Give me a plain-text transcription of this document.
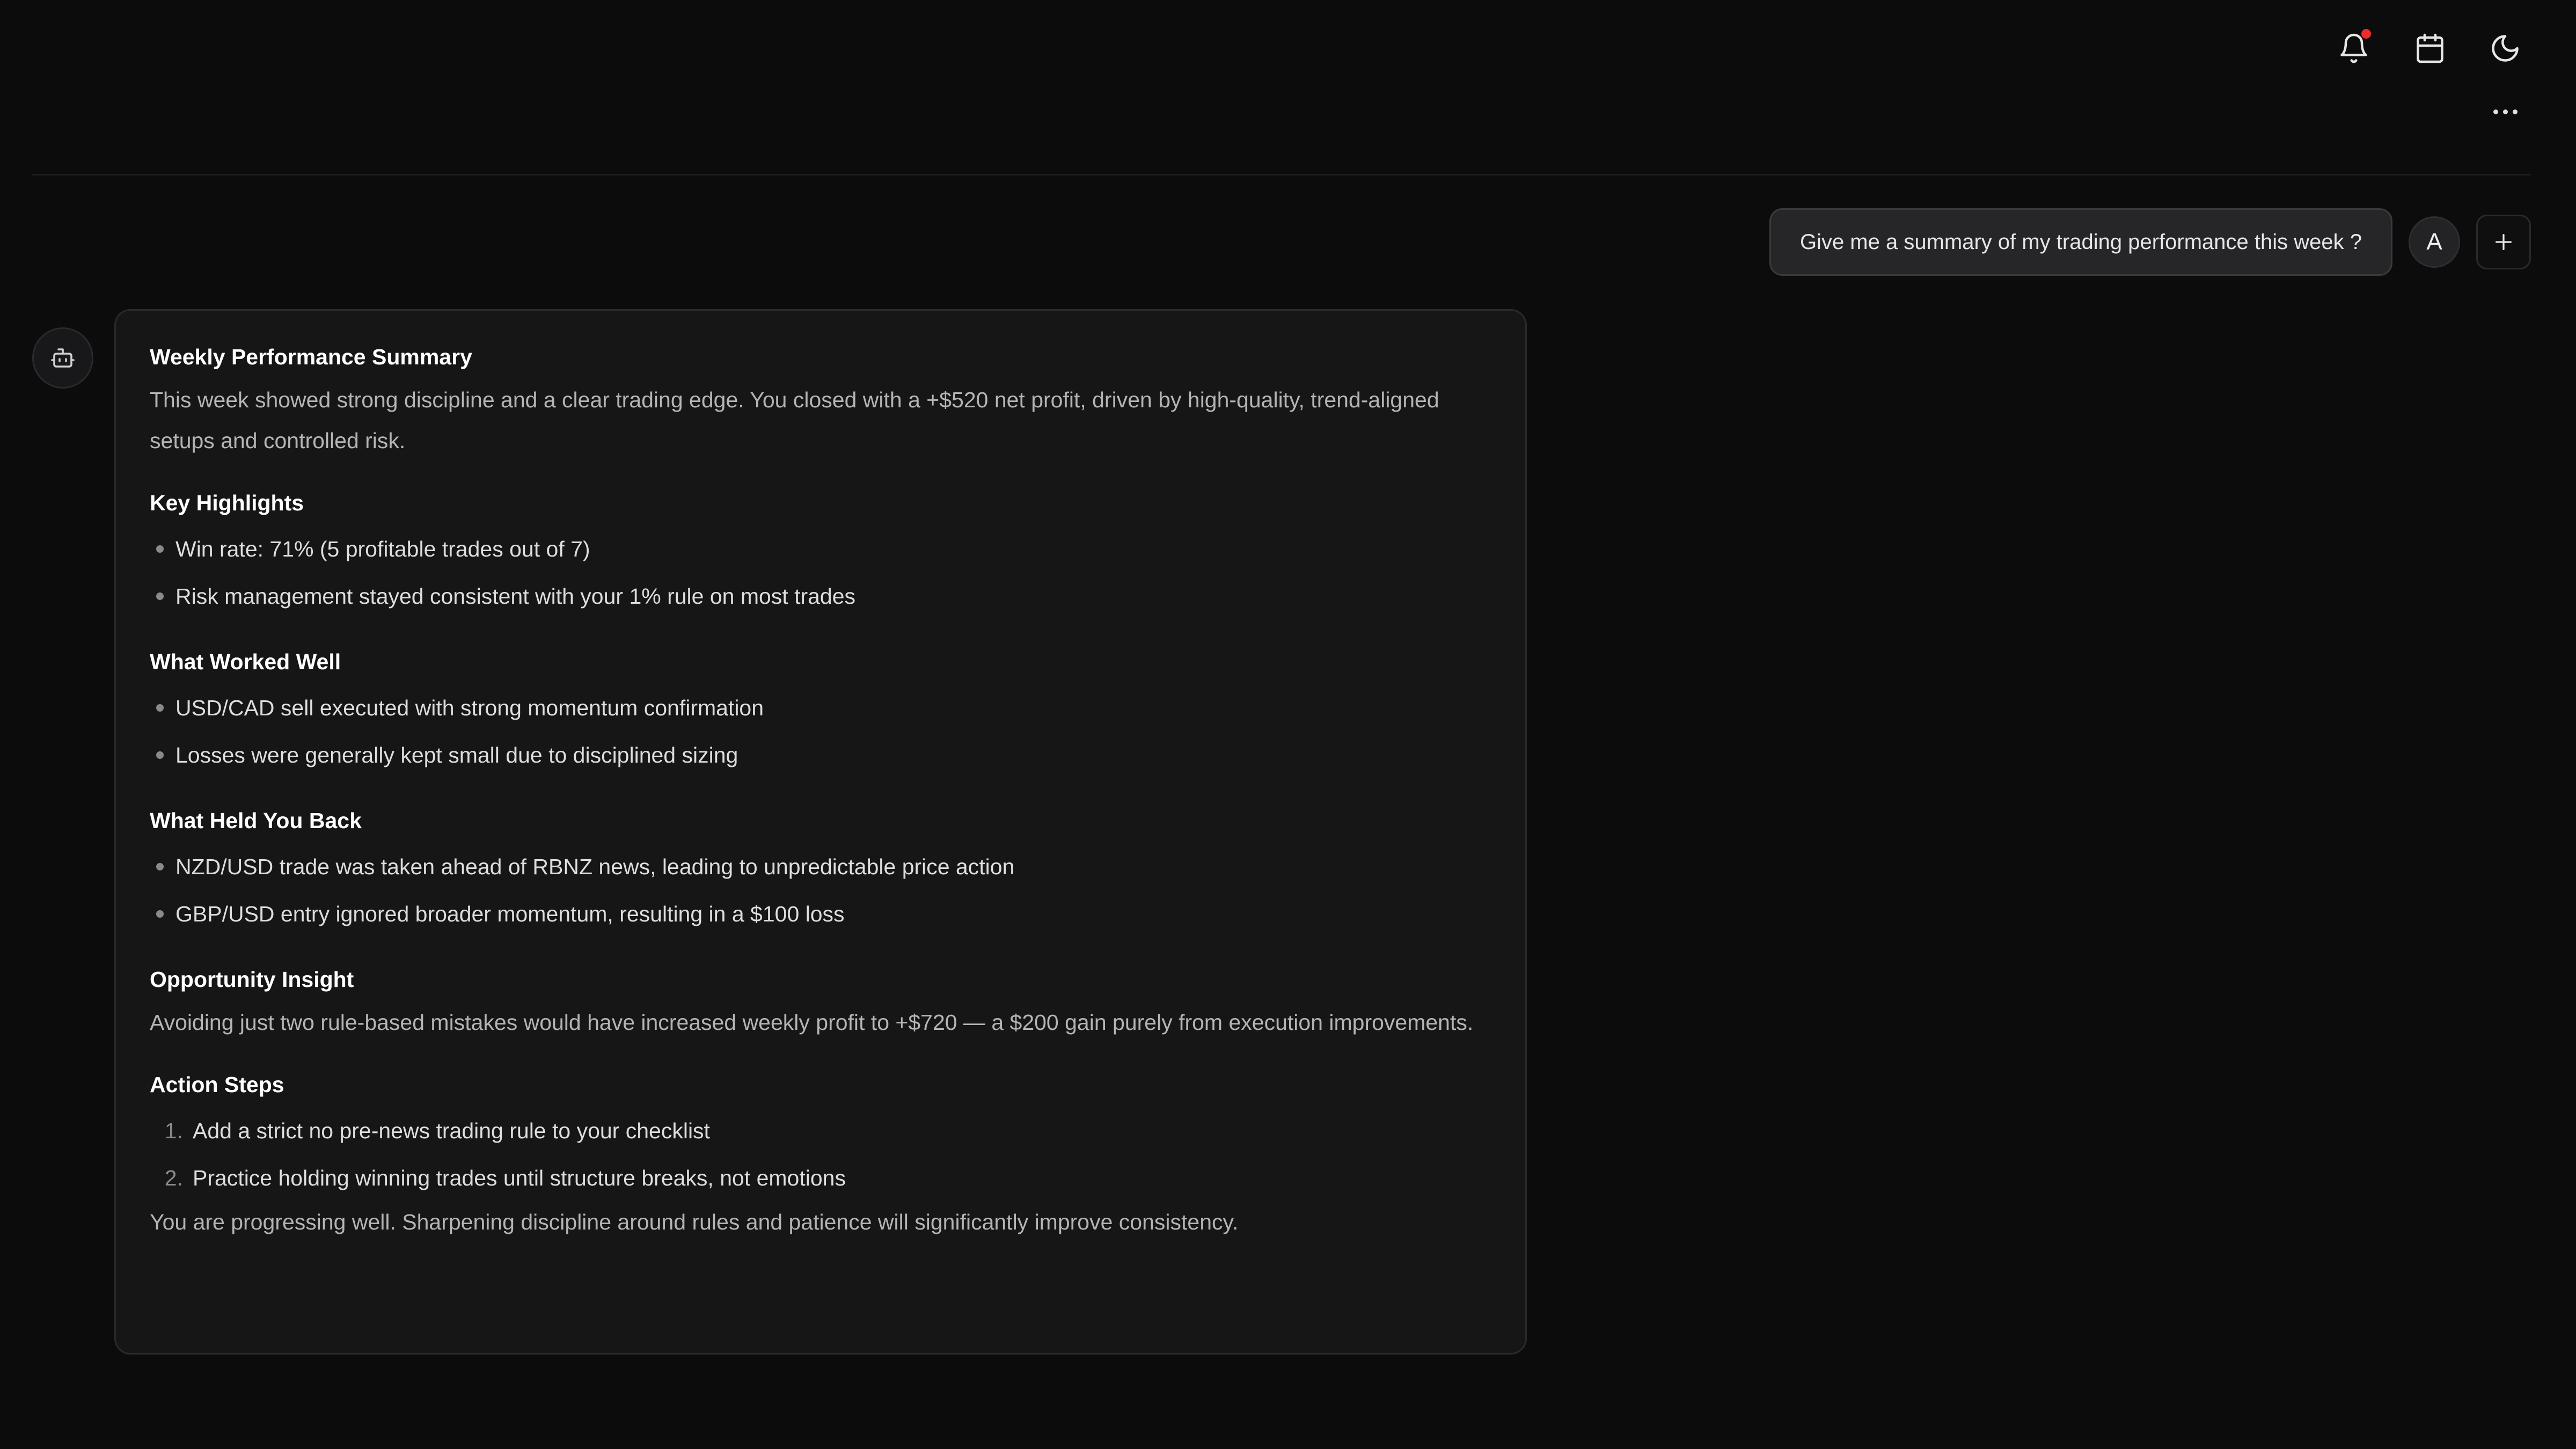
Give me a summary of my trading performance this week ?	A

Weekly Performance Summary

This week showed strong discipline and a clear trading edge. You closed with a +$520 net profit, driven by high-quality, trend-aligned setups and controlled risk.

Key Highlights

Win rate: 71% (5 profitable trades out of 7)
Risk management stayed consistent with your 1% rule on most trades

What Worked Well

USD/CAD sell executed with strong momentum confirmation
Losses were generally kept small due to disciplined sizing

What Held You Back

NZD/USD trade was taken ahead of RBNZ news, leading to unpredictable price action
GBP/USD entry ignored broader momentum, resulting in a $100 loss

Opportunity Insight

Avoiding just two rule-based mistakes would have increased weekly profit to +$720 — a $200 gain purely from execution improvements.

Action Steps

1. Add a strict no pre-news trading rule to your checklist
2. Practice holding winning trades until structure breaks, not emotions

You are progressing well. Sharpening discipline around rules and patience will significantly improve consistency.
